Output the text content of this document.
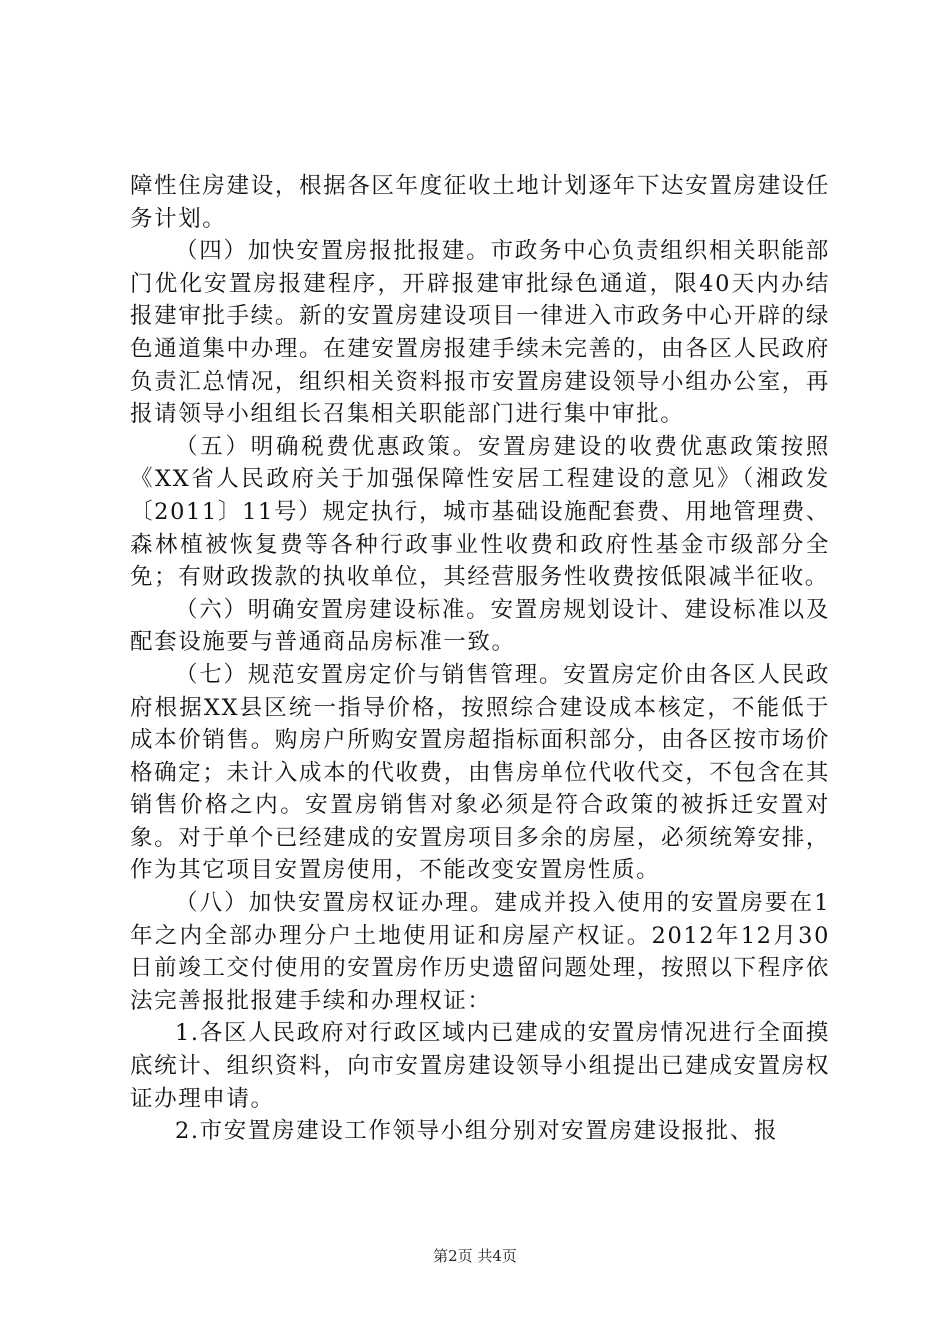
障性住房建设，根据各区年度征收土地计划逐年下达安置房建设任务计划。

（四）加快安置房报批报建。市政务中心负责组织相关职能部门优化安置房报建程序，开辟报建审批绿色通道，限40天内办结报建审批手续。新的安置房建设项目一律进入市政务中心开辟的绿色通道集中办理。在建安置房报建手续未完善的，由各区人民政府负责汇总情况，组织相关资料报市安置房建设领导小组办公室，再报请领导小组组长召集相关职能部门进行集中审批。

（五）明确税费优惠政策。安置房建设的收费优惠政策按照《XX省人民政府关于加强保障性安居工程建设的意见》（湘政发〔2011〕11号）规定执行，城市基础设施配套费、用地管理费、森林植被恢复费等各种行政事业性收费和政府性基金市级部分全免；有财政拨款的执收单位，其经营服务性收费按低限减半征收。

（六）明确安置房建设标准。安置房规划设计、建设标准以及配套设施要与普通商品房标准一致。

（七）规范安置房定价与销售管理。安置房定价由各区人民政府根据XX县区统一指导价格，按照综合建设成本核定，不能低于成本价销售。购房户所购安置房超指标面积部分，由各区按市场价格确定；未计入成本的代收费，由售房单位代收代交，不包含在其销售价格之内。安置房销售对象必须是符合政策的被拆迁安置对象。对于单个已经建成的安置房项目多余的房屋，必须统筹安排，作为其它项目安置房使用，不能改变安置房性质。

（八）加快安置房权证办理。建成并投入使用的安置房要在1年之内全部办理分户土地使用证和房屋产权证。2012年12月30日前竣工交付使用的安置房作历史遗留问题处理，按照以下程序依法完善报批报建手续和办理权证：

1.各区人民政府对行政区域内已建成的安置房情况进行全面摸底统计、组织资料，向市安置房建设领导小组提出已建成安置房权证办理申请。

2.市安置房建设工作领导小组分别对安置房建设报批、报

第2页 共4页
